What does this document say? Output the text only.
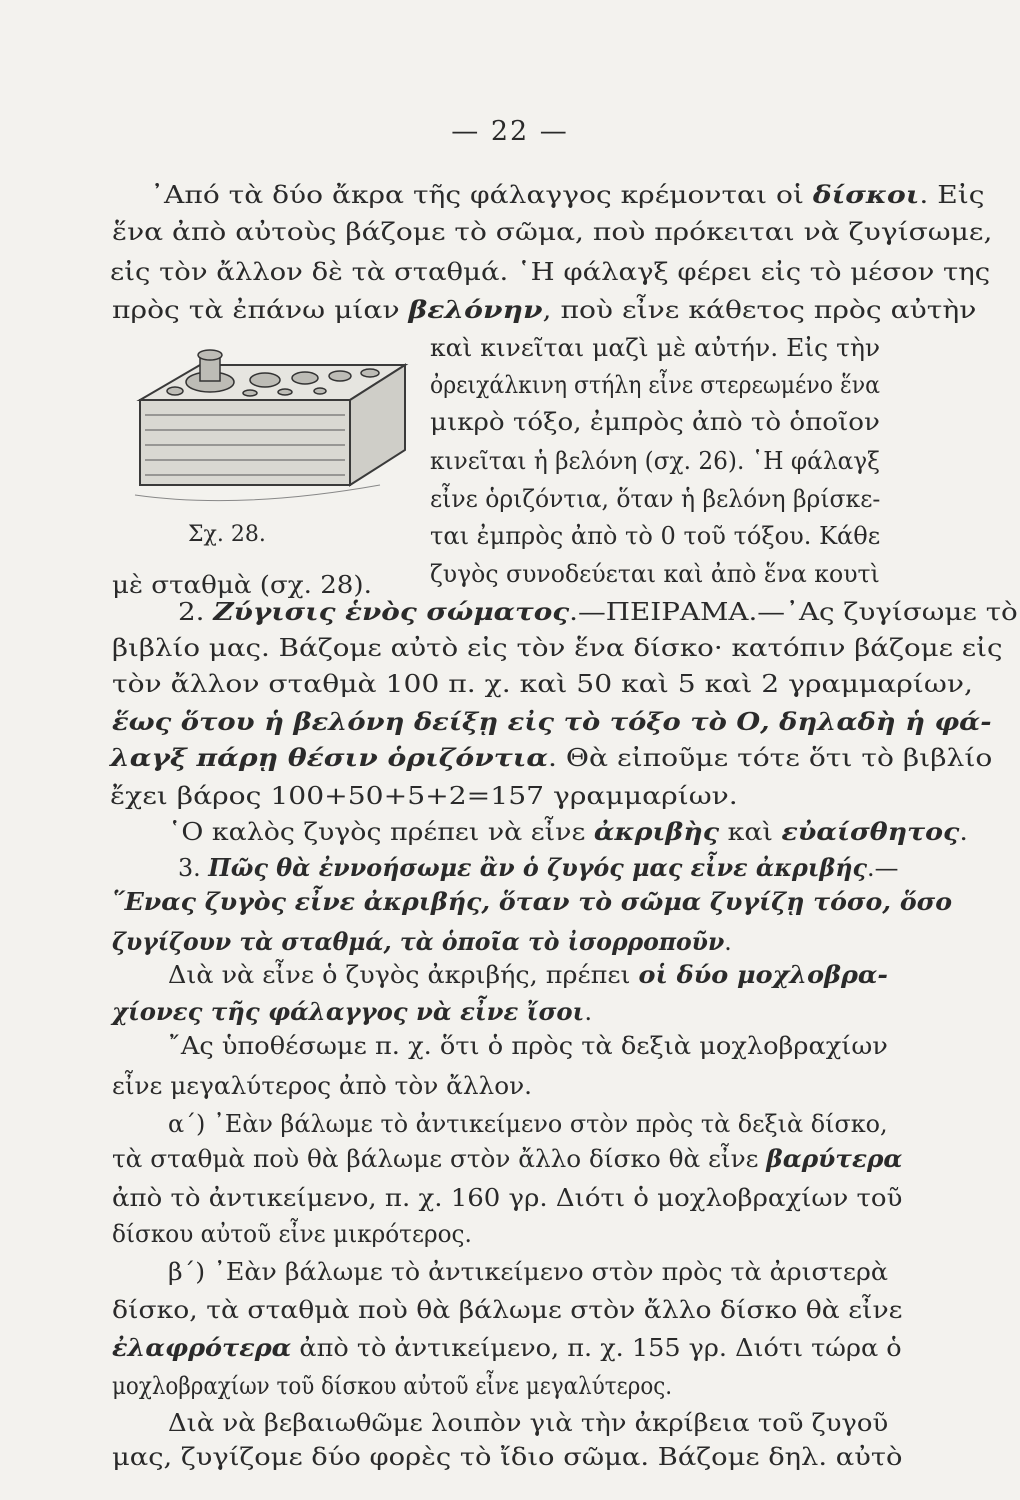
— 22 —
Σχ. 28.
᾽Από τὰ δύο ἄκρα τῆς φάλαγγος κρέμονται οἱ δίσκοι. Εἰς
ἕνα ἀπὸ αὐτοὺς βάζομε τὸ σῶμα, ποὺ πρόκειται νὰ ζυγίσωμε,
εἰς τὸν ἄλλον δὲ τὰ σταθμά. ῾Η φάλαγξ φέρει εἰς τὸ μέσον της
πρὸς τὰ ἐπάνω μίαν βελόνην, ποὺ εἶνε κάθετος πρὸς αὐτὴν
καὶ κινεῖται μαζὶ μὲ αὐτήν. Εἰς τὴν
ὀρειχάλκινη στήλη εἶνε στερεωμένο ἕνα
μικρὸ τόξο, ἐμπρὸς ἀπὸ τὸ ὁποῖον
κινεῖται ἡ βελόνη (σχ. 26). ῾Η φάλαγξ
εἶνε ὁριζόντια, ὅταν ἡ βελόνη βρίσκε-
ται ἐμπρὸς ἀπὸ τὸ 0 τοῦ τόξου. Κάθε
ζυγὸς συνοδεύεται καὶ ἀπὸ ἕνα κουτὶ
μὲ σταθμὰ (σχ. 28).
2. Ζύγισις ἑνὸς σώματος.—ΠΕΙΡΑΜΑ.—᾽Ας ζυγίσωμε τὸ
βιβλίο μας. Βάζομε αὐτὸ εἰς τὸν ἕνα δίσκο· κατόπιν βάζομε εἰς
τὸν ἄλλον σταθμὰ 100 π. χ. καὶ 50 καὶ 5 καὶ 2 γραμμαρίων,
ἕως ὅτου ἡ βελόνη δείξῃ εἰς τὸ τόξο τὸ Ο, δηλαδὴ ἡ φά-
λαγξ πάρῃ θέσιν ὁριζόντια. Θὰ εἰποῦμε τότε ὅτι τὸ βιβλίο
ἔχει βάρος 100+50+5+2=157 γραμμαρίων.
῾Ο καλὸς ζυγὸς πρέπει νὰ εἶνε ἀκριβὴς καὶ εὐαίσθητος.
3. Πῶς θὰ ἐννοήσωμε ἂν ὁ ζυγός μας εἶνε ἀκριβής.—
῞Ενας ζυγὸς εἶνε ἀκριβής, ὅταν τὸ σῶμα ζυγίζῃ τόσο, ὅσο
ζυγίζουν τὰ σταθμά, τὰ ὁποῖα τὸ ἰσορροποῦν.
Διὰ νὰ εἶνε ὁ ζυγὸς ἀκριβής, πρέπει οἱ δύο μοχλοβρα-
χίονες τῆς φάλαγγος νὰ εἶνε ἴσοι.
῎Ας ὑποθέσωμε π. χ. ὅτι ὁ πρὸς τὰ δεξιὰ μοχλοβραχίων
εἶνε μεγαλύτερος ἀπὸ τὸν ἄλλον.
α΄) ᾽Εὰν βάλωμε τὸ ἀντικείμενο στὸν πρὸς τὰ δεξιὰ δίσκο,
τὰ σταθμὰ ποὺ θὰ βάλωμε στὸν ἄλλο δίσκο θὰ εἶνε βαρύτερα
ἀπὸ τὸ ἀντικείμενο, π. χ. 160 γρ. Διότι ὁ μοχλοβραχίων τοῦ
δίσκου αὐτοῦ εἶνε μικρότερος.
β΄) ᾽Εὰν βάλωμε τὸ ἀντικείμενο στὸν πρὸς τὰ ἀριστερὰ
δίσκο, τὰ σταθμὰ ποὺ θὰ βάλωμε στὸν ἄλλο δίσκο θὰ εἶνε
ἐλαφρότερα ἀπὸ τὸ ἀντικείμενο, π. χ. 155 γρ. Διότι τώρα ὁ
μοχλοβραχίων τοῦ δίσκου αὐτοῦ εἶνε μεγαλύτερος.
Διὰ νὰ βεβαιωθῶμε λοιπὸν γιὰ τὴν ἀκρίβεια τοῦ ζυγοῦ
μας, ζυγίζομε δύο φορὲς τὸ ἴδιο σῶμα. Βάζομε δηλ. αὐτὸ
